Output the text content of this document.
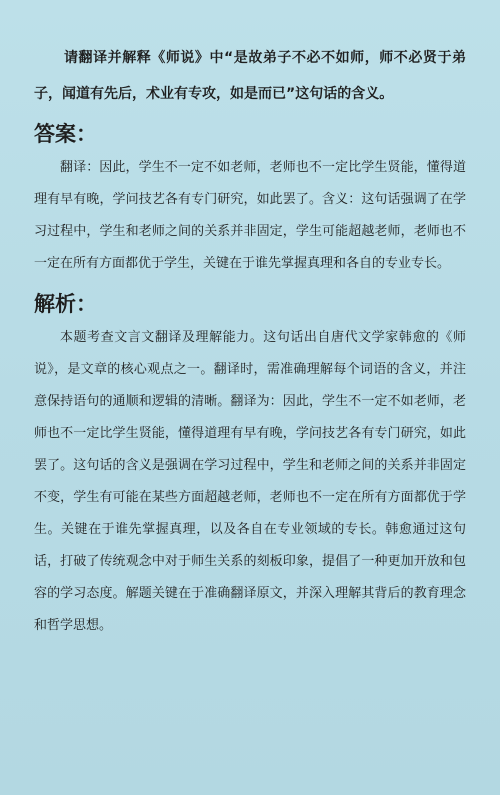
请翻译并解释《师说》中“是故弟子不必不如师，师不必贤于弟子，闻道有先后，术业有专攻，如是而已”这句话的含义。

答案：

翻译：因此，学生不一定不如老师，老师也不一定比学生贤能，懂得道理有早有晚，学问技艺各有专门研究，如此罢了。含义：这句话强调了在学习过程中，学生和老师之间的关系并非固定，学生可能超越老师，老师也不一定在所有方面都优于学生，关键在于谁先掌握真理和各自的专业专长。

解析：

本题考查文言文翻译及理解能力。这句话出自唐代文学家韩愈的《师说》，是文章的核心观点之一。翻译时，需准确理解每个词语的含义，并注意保持语句的通顺和逻辑的清晰。翻译为：因此，学生不一定不如老师，老师也不一定比学生贤能，懂得道理有早有晚，学问技艺各有专门研究，如此罢了。这句话的含义是强调在学习过程中，学生和老师之间的关系并非固定不变，学生有可能在某些方面超越老师，老师也不一定在所有方面都优于学生。关键在于谁先掌握真理，以及各自在专业领域的专长。韩愈通过这句话，打破了传统观念中对于师生关系的刻板印象，提倡了一种更加开放和包容的学习态度。解题关键在于准确翻译原文，并深入理解其背后的教育理念和哲学思想。
